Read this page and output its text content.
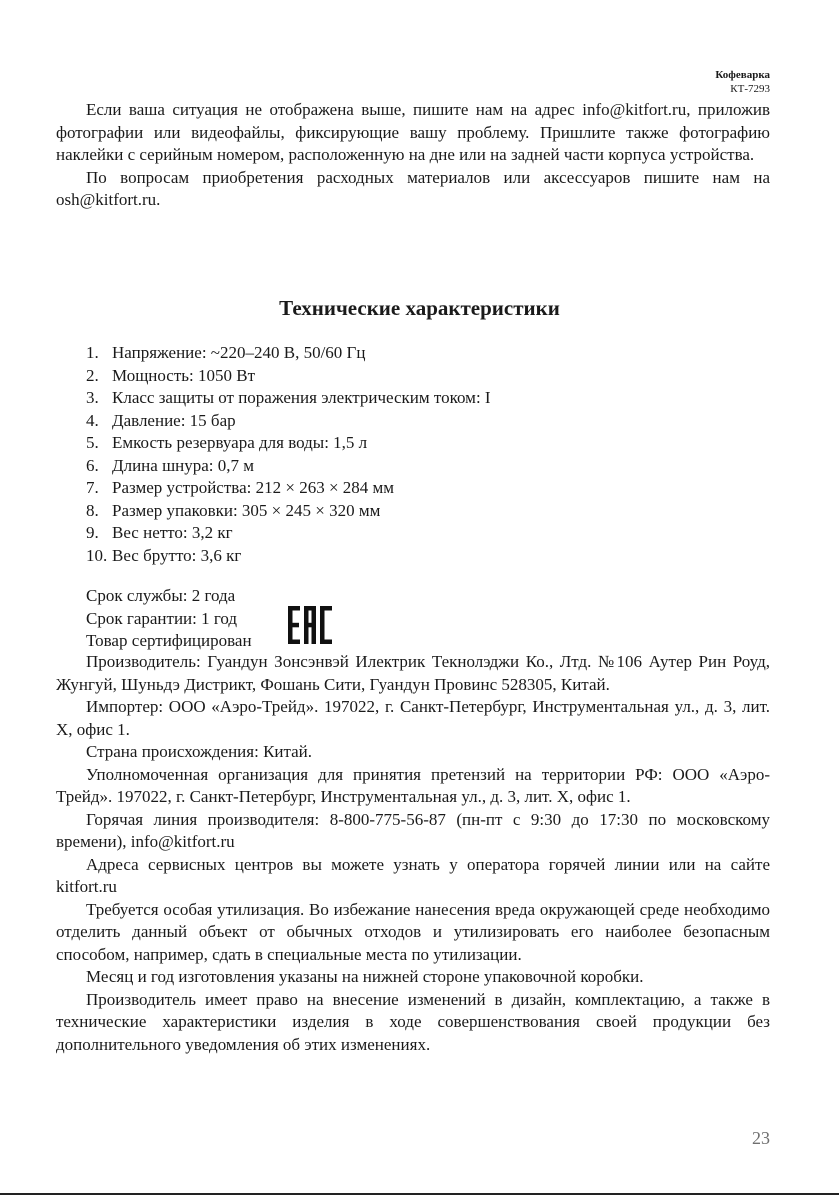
Кофеварка
КТ-7293

Если ваша ситуация не отображена выше, пишите нам на адрес info@kitfort.ru, приложив фотографии или видеофайлы, фиксирующие вашу проблему. Пришлите также фотографию наклейки с серийным номером, расположенную на дне или на задней части корпуса устройства.

По вопросам приобретения расходных материалов или аксессуаров пишите нам на osh@kitfort.ru.

Технические характеристики
1. Напряжение: ~220–240 В, 50/60 Гц
2. Мощность: 1050 Вт
3. Класс защиты от поражения электрическим током: I
4. Давление: 15 бар
5. Емкость резервуара для воды: 1,5 л
6. Длина шнура: 0,7 м
7. Размер устройства: 212 × 263 × 284 мм
8. Размер упаковки: 305 × 245 × 320 мм
9. Вес нетто: 3,2 кг
10. Вес брутто: 3,6 кг
Срок службы: 2 года
Срок гарантии: 1 год
Товар сертифицирован

Производитель: Гуандун Зонсэнвэй Илектрик Текнолэджи Ко., Лтд. №106 Аутер Рин Роуд, Жунгуй, Шуньдэ Дистрикт, Фошань Сити, Гуандун Провинс 528305, Китай.

Импортер: ООО «Аэро-Трейд». 197022, г. Санкт-Петербург, Инструментальная ул., д. 3, лит. Х, офис 1.

Страна происхождения: Китай.

Уполномоченная организация для принятия претензий на территории РФ: ООО «Аэро-Трейд». 197022, г. Санкт-Петербург, Инструментальная ул., д. 3, лит. Х, офис 1.

Горячая линия производителя: 8-800-775-56-87 (пн-пт с 9:30 до 17:30 по московскому времени), info@kitfort.ru

Адреса сервисных центров вы можете узнать у оператора горячей линии или на сайте kitfort.ru

Требуется особая утилизация. Во избежание нанесения вреда окружающей среде необходимо отделить данный объект от обычных отходов и утилизировать его наиболее безопасным способом, например, сдать в специальные места по утилизации.

Месяц и год изготовления указаны на нижней стороне упаковочной коробки.

Производитель имеет право на внесение изменений в дизайн, комплектацию, а также в технические характеристики изделия в ходе совершенствования своей продукции без дополнительного уведомления об этих изменениях.

23
